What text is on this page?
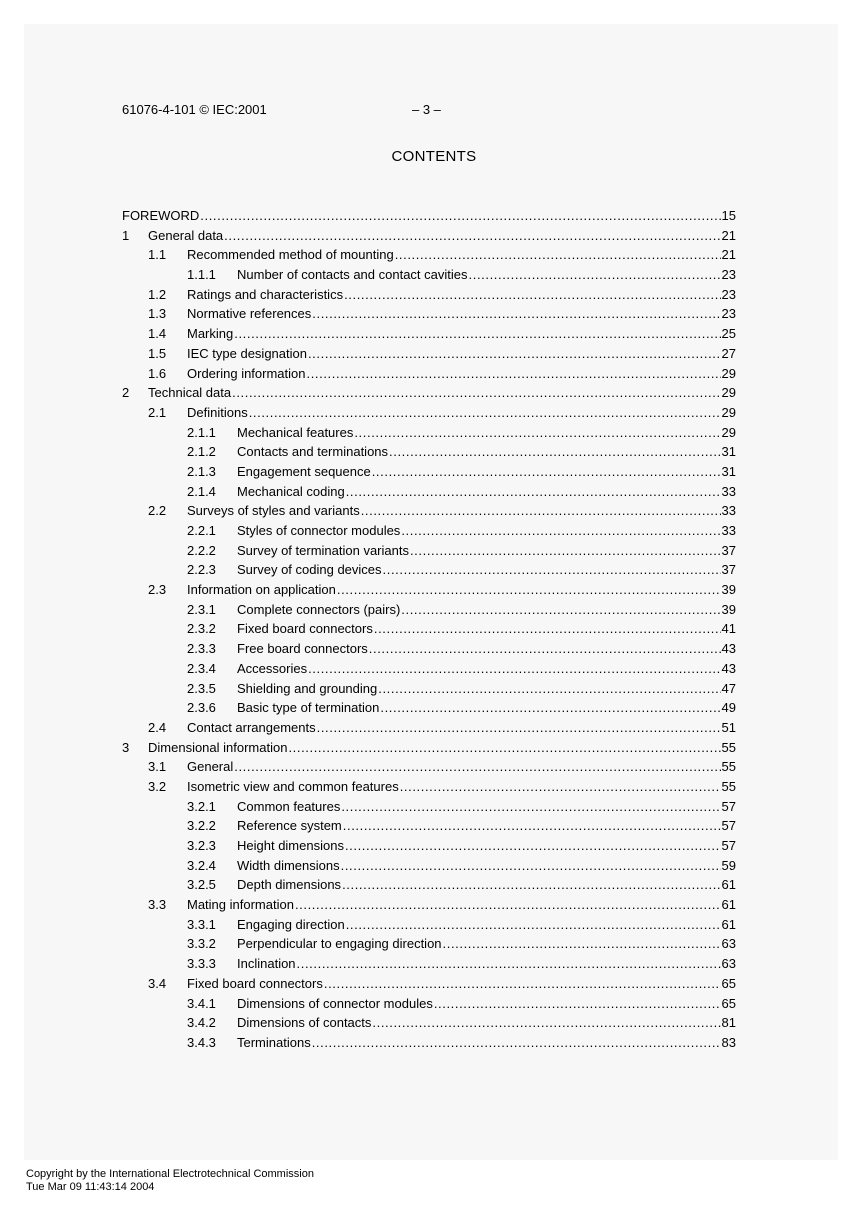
61076-4-101 © IEC:2001	– 3 –
CONTENTS
FOREWORD .....	15
1 General data .....	21
1.1 Recommended method of mounting .....	21
1.1.1 Number of contacts and contact cavities .....	23
1.2 Ratings and characteristics .....	23
1.3 Normative references .....	23
1.4 Marking .....	25
1.5 IEC type designation .....	27
1.6 Ordering information .....	29
2 Technical data .....	29
2.1 Definitions .....	29
2.1.1 Mechanical features .....	29
2.1.2 Contacts and terminations .....	31
2.1.3 Engagement sequence .....	31
2.1.4 Mechanical coding .....	33
2.2 Surveys of styles and variants .....	33
2.2.1 Styles of connector modules .....	33
2.2.2 Survey of termination variants .....	37
2.2.3 Survey of coding devices .....	37
2.3 Information on application .....	39
2.3.1 Complete connectors (pairs) .....	39
2.3.2 Fixed board connectors .....	41
2.3.3 Free board connectors .....	43
2.3.4 Accessories .....	43
2.3.5 Shielding and grounding .....	47
2.3.6 Basic type of termination .....	49
2.4 Contact arrangements .....	51
3 Dimensional information .....	55
3.1 General .....	55
3.2 Isometric view and common features .....	55
3.2.1 Common features .....	57
3.2.2 Reference system .....	57
3.2.3 Height dimensions .....	57
3.2.4 Width dimensions .....	59
3.2.5 Depth dimensions .....	61
3.3 Mating information .....	61
3.3.1 Engaging direction .....	61
3.3.2 Perpendicular to engaging direction .....	63
3.3.3 Inclination .....	63
3.4 Fixed board connectors .....	65
3.4.1 Dimensions of connector modules .....	65
3.4.2 Dimensions of contacts .....	81
3.4.3 Terminations .....	83
Copyright by the International Electrotechnical Commission
Tue Mar 09 11:43:14 2004
